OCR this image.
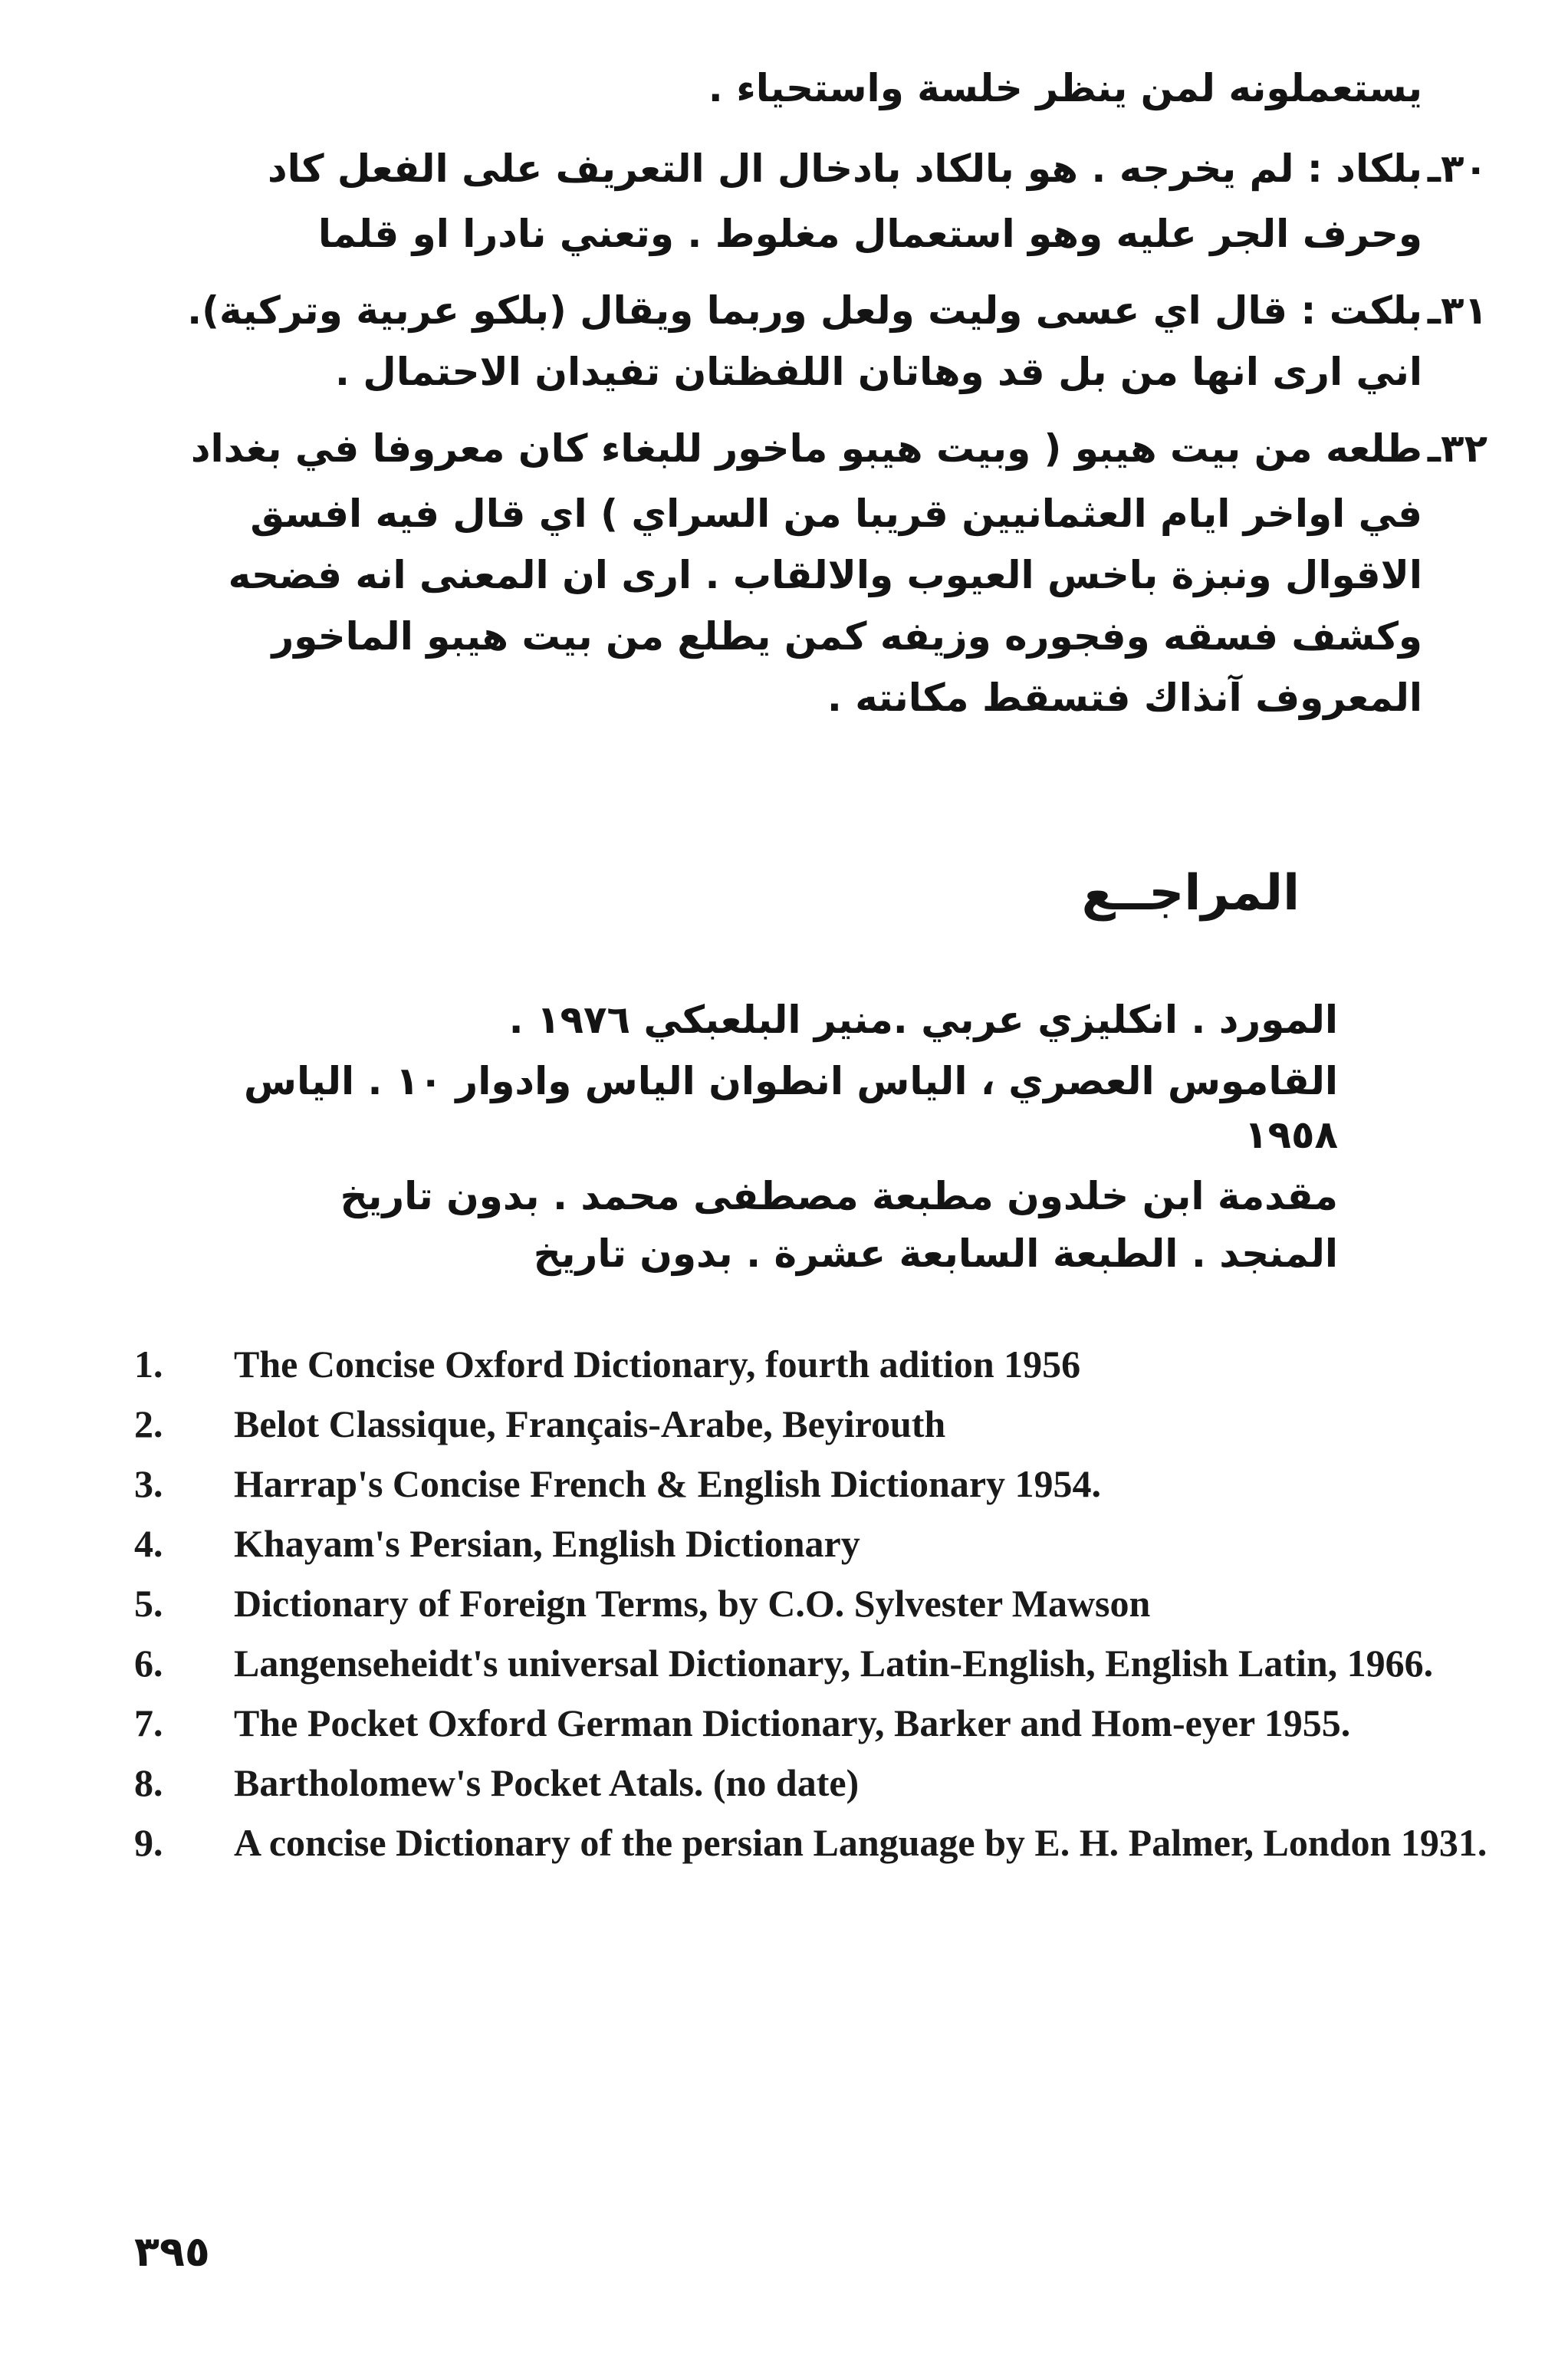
يستعملونه لمن ينظر خلسة واستحياء .
٣٠ـ
بلكاد : لم يخرجه . هو بالكاد بادخال ال التعريف على الفعل كاد
وحرف الجر عليه وهو استعمال مغلوط . وتعني نادرا او قلما
٣١ـ
بلكت : قال اي عسى وليت ولعل وربما ويقال (بلكو عربية وتركية).
اني ارى انها من بل قد وهاتان اللفظتان تفيدان الاحتمال .
٣٢ـ
طلعه من بيت هيبو ( وبيت هيبو ماخور للبغاء كان معروفا في بغداد
في اواخر ايام العثمانيين قريبا من السراي ) اي قال فيه افسق
الاقوال ونبزة باخس العيوب والالقاب . ارى ان المعنى انه فضحه
وكشف فسقه وفجوره وزيفه كمن يطلع من بيت هيبو الماخور
المعروف آنذاك فتسقط مكانته .
المراجــع
المورد . انكليزي عربي .منير البلعبكي ١٩٧٦ .
القاموس العصري ، الياس انطوان الياس وادوار ١٠ . الياس
١٩٥٨
مقدمة ابن خلدون مطبعة مصطفى محمد . بدون تاريخ
المنجد . الطبعة السابعة عشرة . بدون تاريخ
1.	The Concise Oxford Dictionary, fourth adition 1956
2.	Belot Classique, Français-Arabe, Beyirouth
3.	Harrap's Concise French & English Dictionary 1954.
4.	Khayam's Persian, English Dictionary
5.	Dictionary of Foreign Terms, by C.O. Sylvester Mawson
6.	Langenseheidt's universal Dictionary, Latin-English, English Latin, 1966.
7.	The Pocket Oxford German Dictionary, Barker and Hom-eyer 1955.
8.	Bartholomew's Pocket Atals. (no date)
9.	A concise Dictionary of the persian Language by E. H. Palmer, London 1931.
٣٩٥
